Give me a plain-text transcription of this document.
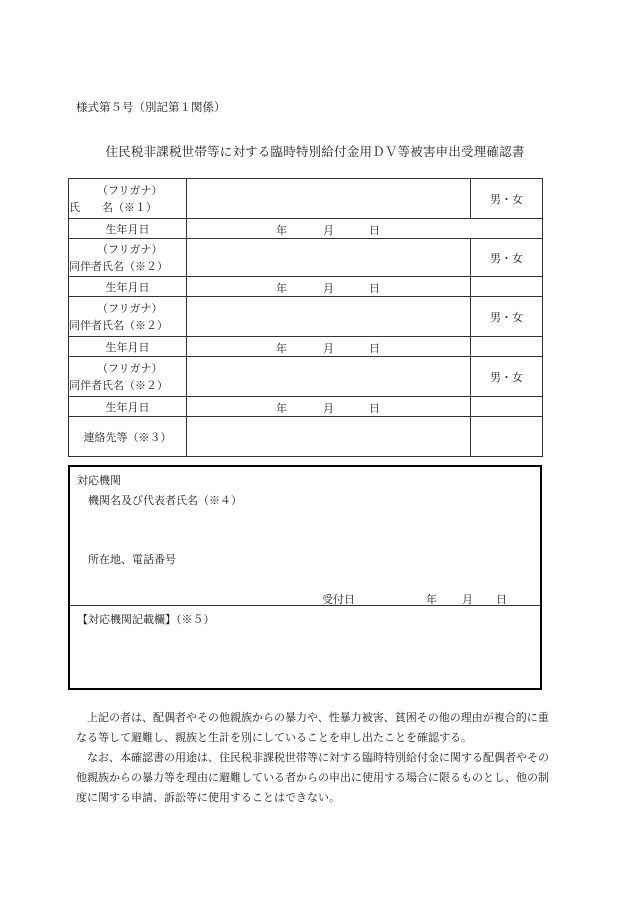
様式第５号（別記第１関係）
住民税非課税世帯等に対する臨時特別給付金用ＤＶ等被害申出受理確認書
（フリガナ）
氏　　名（※１）		男・女
生年月日	年 月 日	

（フリガナ）
同伴者氏名（※２）		男・女
生年月日	年 月 日	

（フリガナ）
同伴者氏名（※２）		男・女
生年月日	年 月 日	

（フリガナ）
同伴者氏名（※２）		男・女
生年月日	年 月 日	

連絡先等（※３）		
対応機関
機関名及び代表者氏名（※４）
所在地、電話番号
受付日	年 月 日
【対応機関記載欄】（※５）

上記の者は、配偶者やその他親族からの暴力や、性暴力被害、貧困その他の理由が複合的に重なる等して避難し、親族と生計を別にしていることを申し出たことを確認する。

なお、本確認書の用途は、住民税非課税世帯等に対する臨時特別給付金に関する配偶者やその他親族からの暴力等を理由に避難している者からの申出に使用する場合に限るものとし、他の制度に関する申請、訴訟等に使用することはできない。
